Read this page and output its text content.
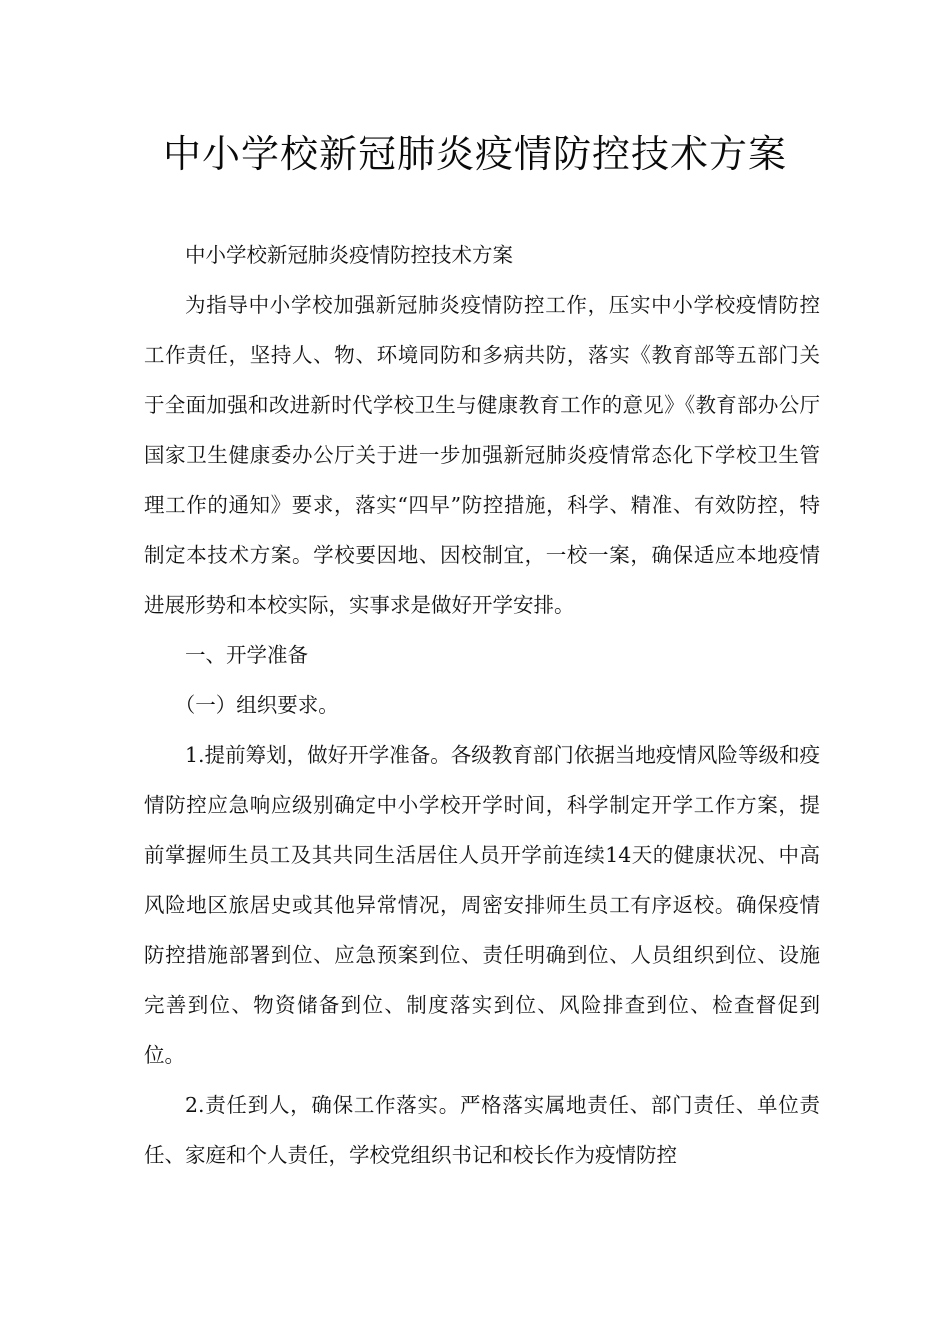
中小学校新冠肺炎疫情防控技术方案

中小学校新冠肺炎疫情防控技术方案

为指导中小学校加强新冠肺炎疫情防控工作，压实中小学校疫情防控工作责任，坚持人、物、环境同防和多病共防，落实《教育部等五部门关于全面加强和改进新时代学校卫生与健康教育工作的意见》《教育部办公厅国家卫生健康委办公厅关于进一步加强新冠肺炎疫情常态化下学校卫生管理工作的通知》要求，落实“四早”防控措施，科学、精准、有效防控，特制定本技术方案。学校要因地、因校制宜，一校一案，确保适应本地疫情进展形势和本校实际，实事求是做好开学安排。

一、开学准备

（一）组织要求。

1.提前筹划，做好开学准备。各级教育部门依据当地疫情风险等级和疫情防控应急响应级别确定中小学校开学时间，科学制定开学工作方案，提前掌握师生员工及其共同生活居住人员开学前连续14天的健康状况、中高风险地区旅居史或其他异常情况，周密安排师生员工有序返校。确保疫情防控措施部署到位、应急预案到位、责任明确到位、人员组织到位、设施完善到位、物资储备到位、制度落实到位、风险排查到位、检查督促到位。

2.责任到人，确保工作落实。严格落实属地责任、部门责任、单位责任、家庭和个人责任，学校党组织书记和校长作为疫情防控
